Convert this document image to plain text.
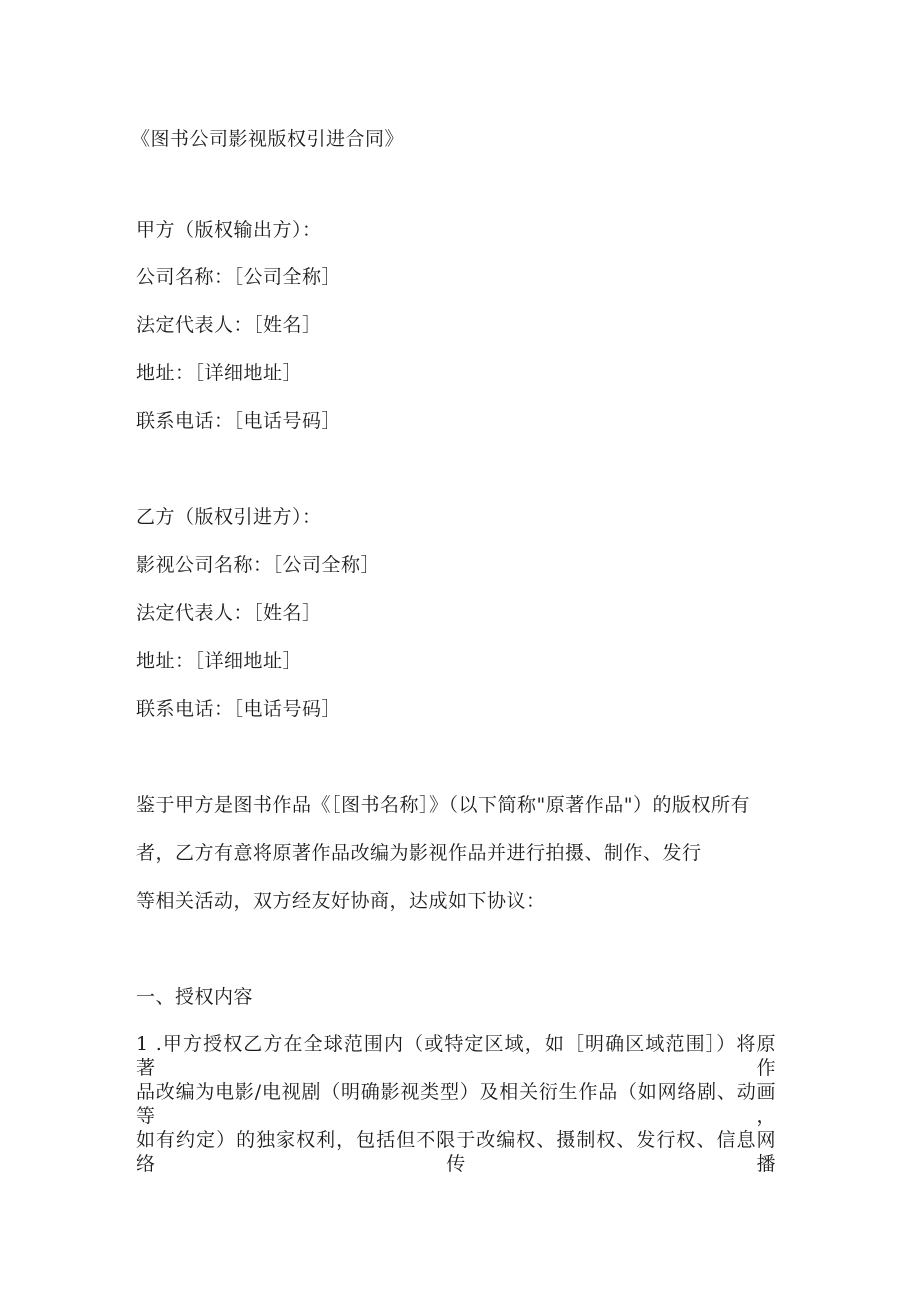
《图书公司影视版权引进合同》
甲方（版权输出方）：
公司名称：［公司全称］
法定代表人：［姓名］
地址：［详细地址］
联系电话：［电话号码］
乙方（版权引进方）：
影视公司名称：［公司全称］
法定代表人：［姓名］
地址：［详细地址］
联系电话：［电话号码］
鉴于甲方是图书作品《［图书名称］》（以下简称"原著作品"）的版权所有
者，乙方有意将原著作品改编为影视作品并进行拍摄、制作、发行
等相关活动，双方经友好协商，达成如下协议：
一、授权内容
1 .甲方授权乙方在全球范围内（或特定区域，如［明确区域范围］）将原著作
品改编为电影/电视剧（明确影视类型）及相关衍生作品（如网络剧、动画等，
如有约定）的独家权利，包括但不限于改编权、摄制权、发行权、信息网络传播
